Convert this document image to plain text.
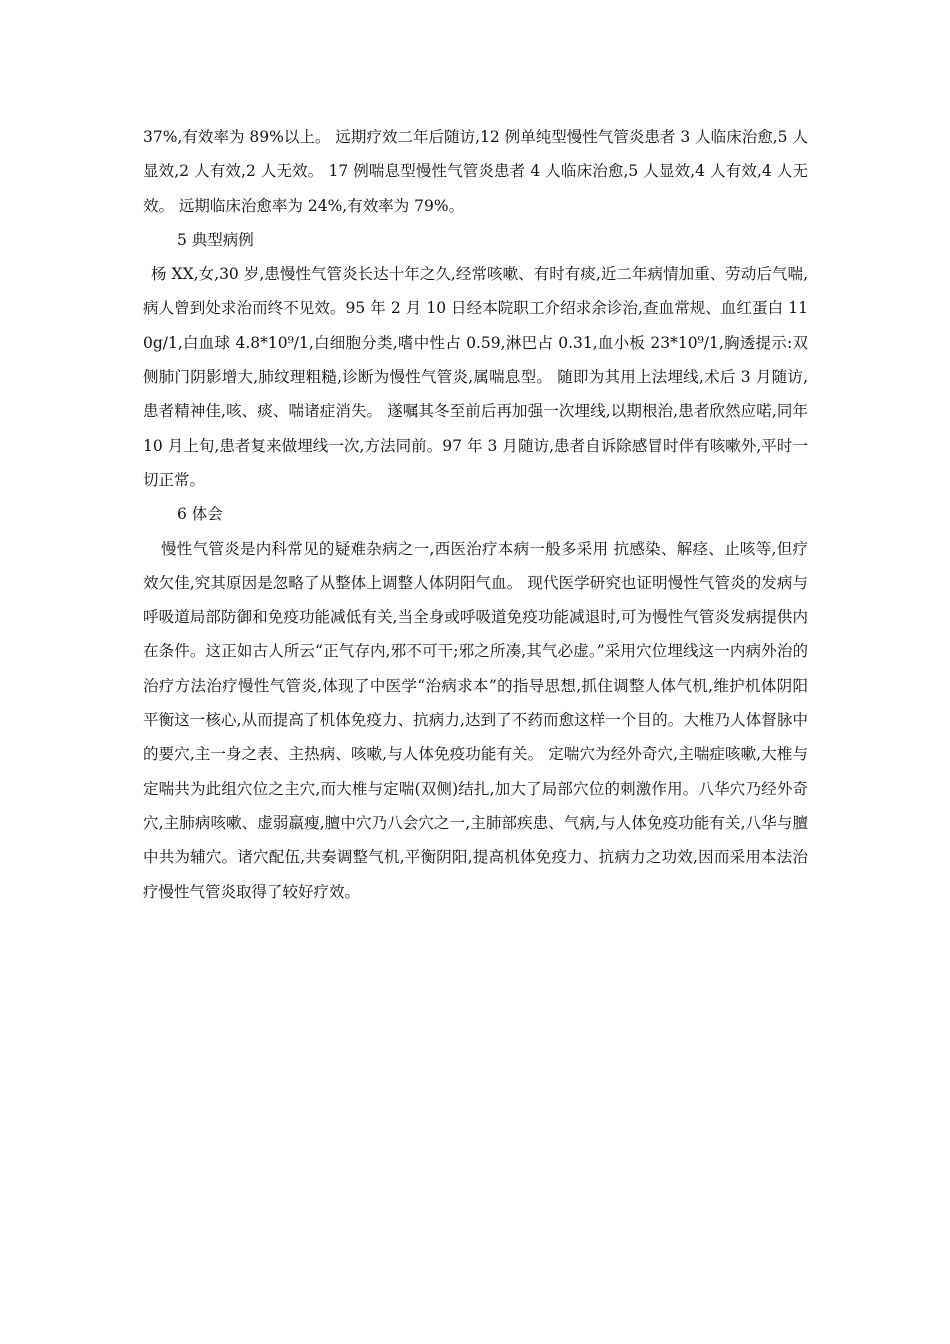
37%,有效率为 89%以上。 远期疗效二年后随访,12 例单纯型慢性气管炎患者 3 人临床治愈,5 人显效,2 人有效,2 人无效。 17 例喘息型慢性气管炎患者 4 人临床治愈,5 人显效,4 人有效,4 人无效。 远期临床治愈率为 24%,有效率为 79%。

5 典型病例

杨 XX,女,30 岁,患慢性气管炎长达十年之久,经常咳嗽、有时有痰,近二年病情加重、劳动后气喘,病人曾到处求治而终不见效。95 年 2 月 10 日经本院职工介绍求余诊治,查血常规、血红蛋白 110g/1,白血球 4.8*10⁹/1,白细胞分类,嗜中性占 0.59,淋巴占 0.31,血小板 23*10⁹/1,胸透提示:双侧肺门阴影增大,肺纹理粗糙,诊断为慢性气管炎,属喘息型。 随即为其用上法埋线,术后 3 月随访,患者精神佳,咳、痰、喘诸症消失。 遂嘱其冬至前后再加强一次埋线,以期根治,患者欣然应喏,同年 10 月上旬,患者复来做埋线一次,方法同前。97 年 3 月随访,患者自诉除感冒时伴有咳嗽外,平时一切正常。

6 体会

慢性气管炎是内科常见的疑难杂病之一,西医治疗本病一般多采用 抗感染、解痉、止咳等,但疗效欠佳,究其原因是忽略了从整体上调整人体阴阳气血。 现代医学研究也证明慢性气管炎的发病与呼吸道局部防御和免疫功能减低有关,当全身或呼吸道免疫功能减退时,可为慢性气管炎发病提供内在条件。这正如古人所云“正气存内,邪不可干;邪之所凑,其气必虚。”采用穴位埋线这一内病外治的治疗方法治疗慢性气管炎,体现了中医学“治病求本”的指导思想,抓住调整人体气机,维护机体阴阳平衡这一核心,从而提高了机体免疫力、抗病力,达到了不药而愈这样一个目的。大椎乃人体督脉中的要穴,主一身之表、主热病、咳嗽,与人体免疫功能有关。 定喘穴为经外奇穴,主喘症咳嗽,大椎与定喘共为此组穴位之主穴,而大椎与定喘(双侧)结扎,加大了局部穴位的刺激作用。八华穴乃经外奇穴,主肺病咳嗽、虚弱羸瘦,膻中穴乃八会穴之一,主肺部疾患、气病,与人体免疫功能有关,八华与膻中共为辅穴。诸穴配伍,共奏调整气机,平衡阴阳,提高机体免疫力、抗病力之功效,因而采用本法治疗慢性气管炎取得了较好疗效。
